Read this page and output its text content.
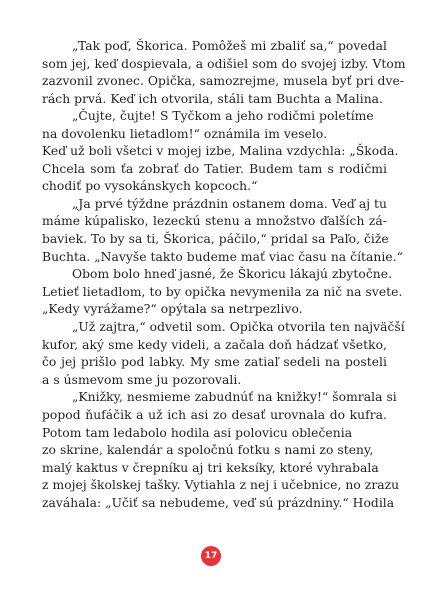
„Tak poď, Škorica. Pomôžeš mi zbaliť sa,“ povedal
som jej, keď dospievala, a odišiel som do svojej izby. Vtom
zazvonil zvonec. Opička, samozrejme, musela byť pri dve-
rách prvá. Keď ich otvorila, stáli tam Buchta a Malina.
„Čujte, čujte! S Tyčkom a jeho rodičmi poletíme
na dovolenku lietadlom!“ oznámila im veselo.
Keď už boli všetci v mojej izbe, Malina vzdychla: „Škoda.
Chcela som ťa zobrať do Tatier. Budem tam s rodičmi
chodiť po vysokánskych kopcoch.“
„Ja prvé týždne prázdnin ostanem doma. Veď aj tu
máme kúpalisko, lezeckú stenu a množstvo ďalších zá-
baviek. To by sa ti, Škorica, páčilo,“ pridal sa Paľo, čiže
Buchta. „Navyše takto budeme mať viac času na čítanie.“
Obom bolo hneď jasné, že Škoricu lákajú zbytočne.
Letieť lietadlom, to by opička nevymenila za nič na svete.
„Kedy vyrážame?“ opýtala sa netrpezlivo.
„Už zajtra,“ odvetil som. Opička otvorila ten najväčší
kufor, aký sme kedy videli, a začala doň hádzať všetko,
čo jej prišlo pod labky. My sme zatiaľ sedeli na posteli
a s úsmevom sme ju pozorovali.
„Knižky, nesmieme zabudnúť na knižky!“ šomrala si
popod ňufáčik a už ich asi zo desať urovnala do kufra.
Potom tam ledabolo hodila asi polovicu oblečenia
zo skrine, kalendár a spoločnú fotku s nami zo steny,
malý kaktus v črepníku aj tri keksíky, ktoré vyhrabala
z mojej školskej tašky. Vytiahla z nej i učebnice, no zrazu
zaváhala: „Učiť sa nebudeme, veď sú prázdniny.“ Hodila
17
